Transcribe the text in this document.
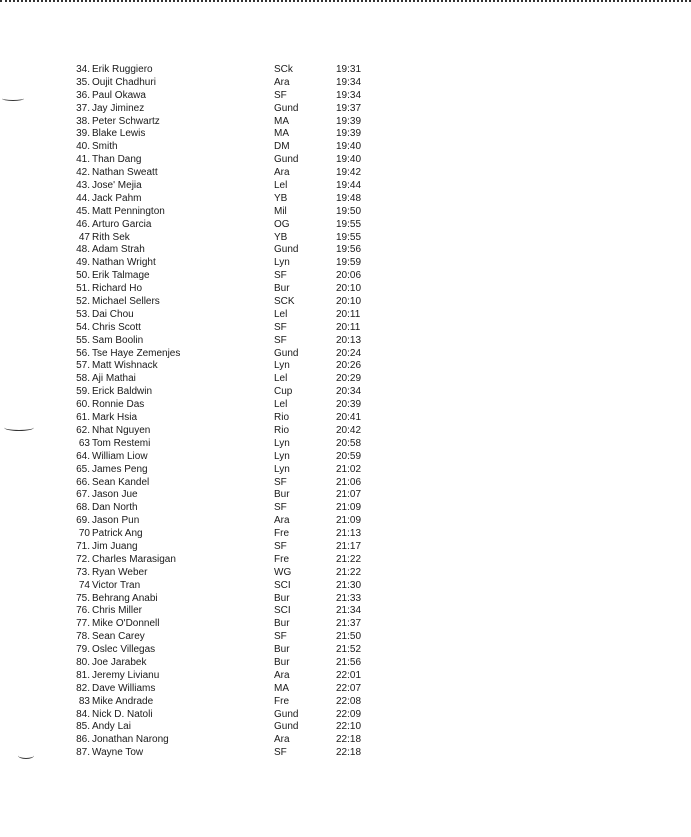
34. Erik Ruggiero	SCk	19:31
35. Oujit Chadhuri	Ara	19:34
36. Paul Okawa	SF	19:34
37. Jay Jiminez	Gund	19:37
38. Peter Schwartz	MA	19:39
39. Blake Lewis	MA	19:39
40. Smith	DM	19:40
41. Than Dang	Gund	19:40
42. Nathan Sweatt	Ara	19:42
43. Jose' Mejia	Lel	19:44
44. Jack Pahm	YB	19:48
45. Matt Pennington	Mil	19:50
46. Arturo Garcia	OG	19:55
47 Rith Sek	YB	19:55
48. Adam Strah	Gund	19:56
49. Nathan Wright	Lyn	19:59
50. Erik Talmage	SF	20:06
51. Richard Ho	Bur	20:10
52. Michael Sellers	SCK	20:10
53. Dai Chou	Lel	20:11
54. Chris Scott	SF	20:11
55. Sam Boolin	SF	20:13
56. Tse Haye Zemenjes	Gund	20:24
57. Matt Wishnack	Lyn	20:26
58. Aji Mathai	Lel	20:29
59. Erick Baldwin	Cup	20:34
60. Ronnie Das	Lel	20:39
61. Mark Hsia	Rio	20:41
62. Nhat Nguyen	Rio	20:42
63 Tom Restemi	Lyn	20:58
64. William Liow	Lyn	20:59
65. James Peng	Lyn	21:02
66. Sean Kandel	SF	21:06
67. Jason Jue	Bur	21:07
68. Dan North	SF	21:09
69. Jason Pun	Ara	21:09
70 Patrick Ang	Fre	21:13
71. Jim Juang	SF	21:17
72. Charles Marasigan	Fre	21:22
73. Ryan Weber	WG	21:22
74 Victor Tran	SCI	21:30
75. Behrang Anabi	Bur	21:33
76. Chris Miller	SCI	21:34
77. Mike O'Donnell	Bur	21:37
78. Sean Carey	SF	21:50
79. Oslec Villegas	Bur	21:52
80. Joe Jarabek	Bur	21:56
81. Jeremy Livianu	Ara	22:01
82. Dave Williams	MA	22:07
83 Mike Andrade	Fre	22:08
84. Nick D. Natoli	Gund	22:09
85. Andy Lai	Gund	22:10
86. Jonathan Narong	Ara	22:18
87. Wayne Tow	SF	22:18
